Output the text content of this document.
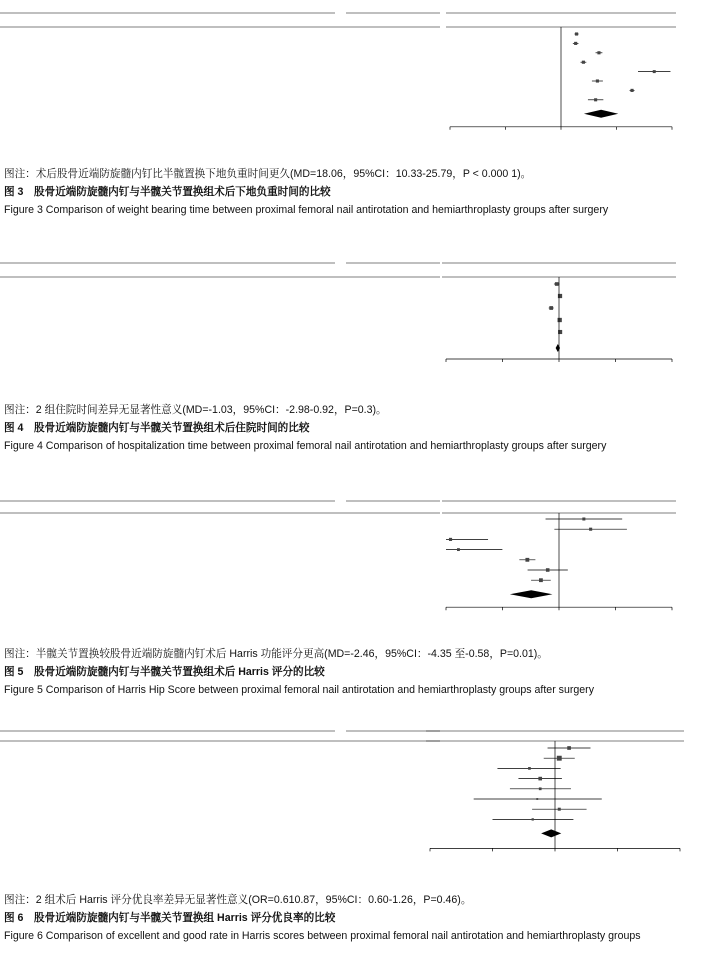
图注：术后股骨近端防旋髓内钉比半髋置换下地负重时间更久(MD=18.06，95%CI：10.33-25.79，P < 0.000 1)。
图 3　股骨近端防旋髓内钉与半髋关节置换组术后下地负重时间的比较
Figure 3 Comparison of weight bearing time between proximal femoral nail antirotation and hemiarthroplasty groups after surgery
图注：2 组住院时间差异无显著性意义(MD=-1.03，95%CI：-2.98-0.92，P=0.3)。
图 4　股骨近端防旋髓内钉与半髋关节置换组术后住院时间的比较
Figure 4 Comparison of hospitalization time between proximal femoral nail antirotation and hemiarthroplasty groups after surgery
图注：半髋关节置换较股骨近端防旋髓内钉术后 Harris 功能评分更高(MD=-2.46，95%CI：-4.35 至-0.58，P=0.01)。
图 5　股骨近端防旋髓内钉与半髋关节置换组术后 Harris 评分的比较
Figure 5 Comparison of Harris Hip Score between proximal femoral nail antirotation and hemiarthroplasty groups after surgery
图注：2 组术后 Harris 评分优良率差异无显著性意义(OR=0.610.87，95%CI：0.60-1.26，P=0.46)。
图 6　股骨近端防旋髓内钉与半髋关节置换组 Harris 评分优良率的比较
Figure 6 Comparison of excellent and good rate in Harris scores between proximal femoral nail antirotation and hemiarthroplasty groups
